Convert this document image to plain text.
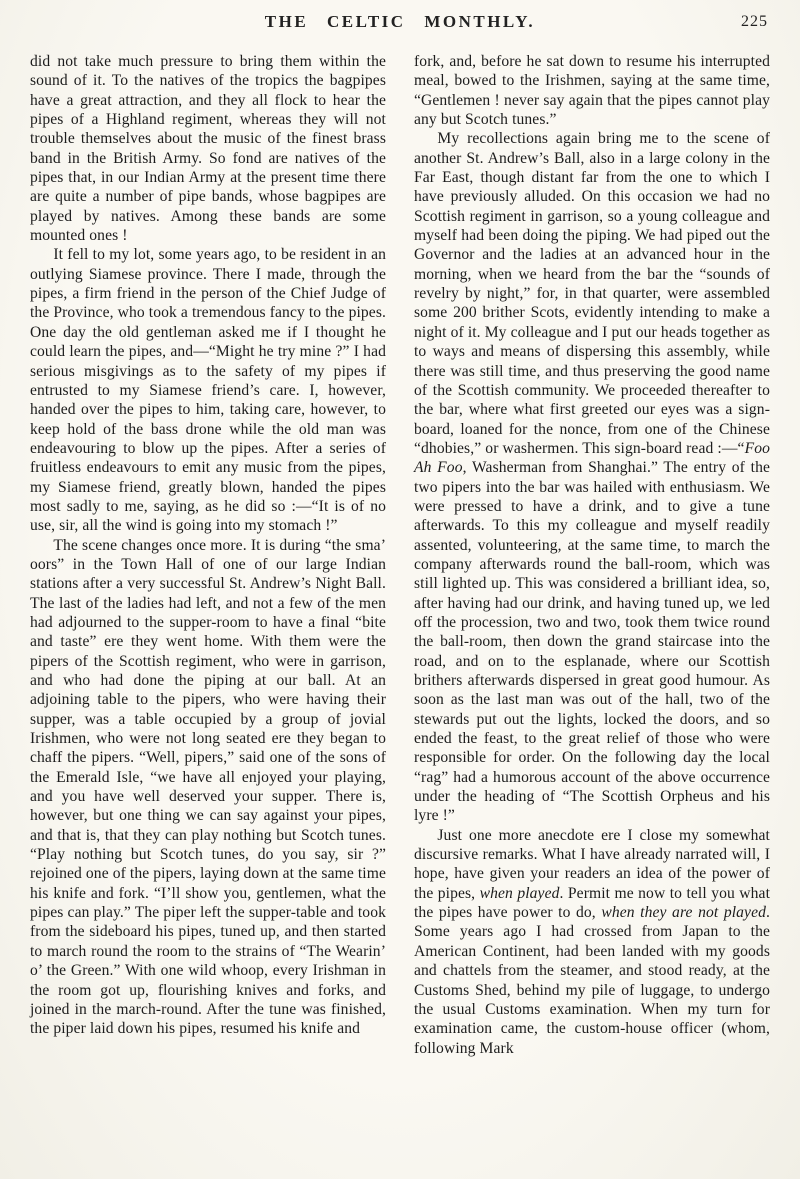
THE CELTIC MONTHLY.	225

did not take much pressure to bring them within the sound of it. To the natives of the tropics the bagpipes have a great attraction, and they all flock to hear the pipes of a Highland regiment, whereas they will not trouble themselves about the music of the finest brass band in the British Army. So fond are natives of the pipes that, in our Indian Army at the present time there are quite a number of pipe bands, whose bagpipes are played by natives. Among these bands are some mounted ones !

It fell to my lot, some years ago, to be resident in an outlying Siamese province. There I made, through the pipes, a firm friend in the person of the Chief Judge of the Province, who took a tremendous fancy to the pipes. One day the old gentleman asked me if I thought he could learn the pipes, and—“Might he try mine ?” I had serious misgivings as to the safety of my pipes if entrusted to my Siamese friend’s care. I, however, handed over the pipes to him, taking care, however, to keep hold of the bass drone while the old man was endeavouring to blow up the pipes. After a series of fruitless endeavours to emit any music from the pipes, my Siamese friend, greatly blown, handed the pipes most sadly to me, saying, as he did so :—“It is of no use, sir, all the wind is going into my stomach !”

The scene changes once more. It is during “the sma’ oors” in the Town Hall of one of our large Indian stations after a very successful St. Andrew’s Night Ball. The last of the ladies had left, and not a few of the men had adjourned to the supper-room to have a final “bite and taste” ere they went home. With them were the pipers of the Scottish regiment, who were in garrison, and who had done the piping at our ball. At an adjoining table to the pipers, who were having their supper, was a table occupied by a group of jovial Irishmen, who were not long seated ere they began to chaff the pipers. “Well, pipers,” said one of the sons of the Emerald Isle, “we have all enjoyed your playing, and you have well deserved your supper. There is, however, but one thing we can say against your pipes, and that is, that they can play nothing but Scotch tunes. “Play nothing but Scotch tunes, do you say, sir ?” rejoined one of the pipers, laying down at the same time his knife and fork. “I’ll show you, gentlemen, what the pipes can play.” The piper left the supper-table and took from the sideboard his pipes, tuned up, and then started to march round the room to the strains of “The Wearin’ o’ the Green.” With one wild whoop, every Irishman in the room got up, flourishing knives and forks, and joined in the march-round. After the tune was finished, the piper laid down his pipes, resumed his knife and

fork, and, before he sat down to resume his interrupted meal, bowed to the Irishmen, saying at the same time, “Gentlemen ! never say again that the pipes cannot play any but Scotch tunes.”

My recollections again bring me to the scene of another St. Andrew’s Ball, also in a large colony in the Far East, though distant far from the one to which I have previously alluded. On this occasion we had no Scottish regiment in garrison, so a young colleague and myself had been doing the piping. We had piped out the Governor and the ladies at an advanced hour in the morning, when we heard from the bar the “sounds of revelry by night,” for, in that quarter, were assembled some 200 brither Scots, evidently intending to make a night of it. My colleague and I put our heads together as to ways and means of dispersing this assembly, while there was still time, and thus preserving the good name of the Scottish community. We proceeded thereafter to the bar, where what first greeted our eyes was a sign-board, loaned for the nonce, from one of the Chinese “dhobies,” or washermen. This sign-board read :—“Foo Ah Foo, Washerman from Shanghai.” The entry of the two pipers into the bar was hailed with enthusiasm. We were pressed to have a drink, and to give a tune afterwards. To this my colleague and myself readily assented, volunteering, at the same time, to march the company afterwards round the ball-room, which was still lighted up. This was considered a brilliant idea, so, after having had our drink, and having tuned up, we led off the procession, two and two, took them twice round the ball-room, then down the grand staircase into the road, and on to the esplanade, where our Scottish brithers afterwards dispersed in great good humour. As soon as the last man was out of the hall, two of the stewards put out the lights, locked the doors, and so ended the feast, to the great relief of those who were responsible for order. On the following day the local “rag” had a humorous account of the above occurrence under the heading of “The Scottish Orpheus and his lyre !”

Just one more anecdote ere I close my somewhat discursive remarks. What I have already narrated will, I hope, have given your readers an idea of the power of the pipes, when played. Permit me now to tell you what the pipes have power to do, when they are not played. Some years ago I had crossed from Japan to the American Continent, had been landed with my goods and chattels from the steamer, and stood ready, at the Customs Shed, behind my pile of luggage, to undergo the usual Customs examination. When my turn for examination came, the custom-house officer (whom, following Mark
